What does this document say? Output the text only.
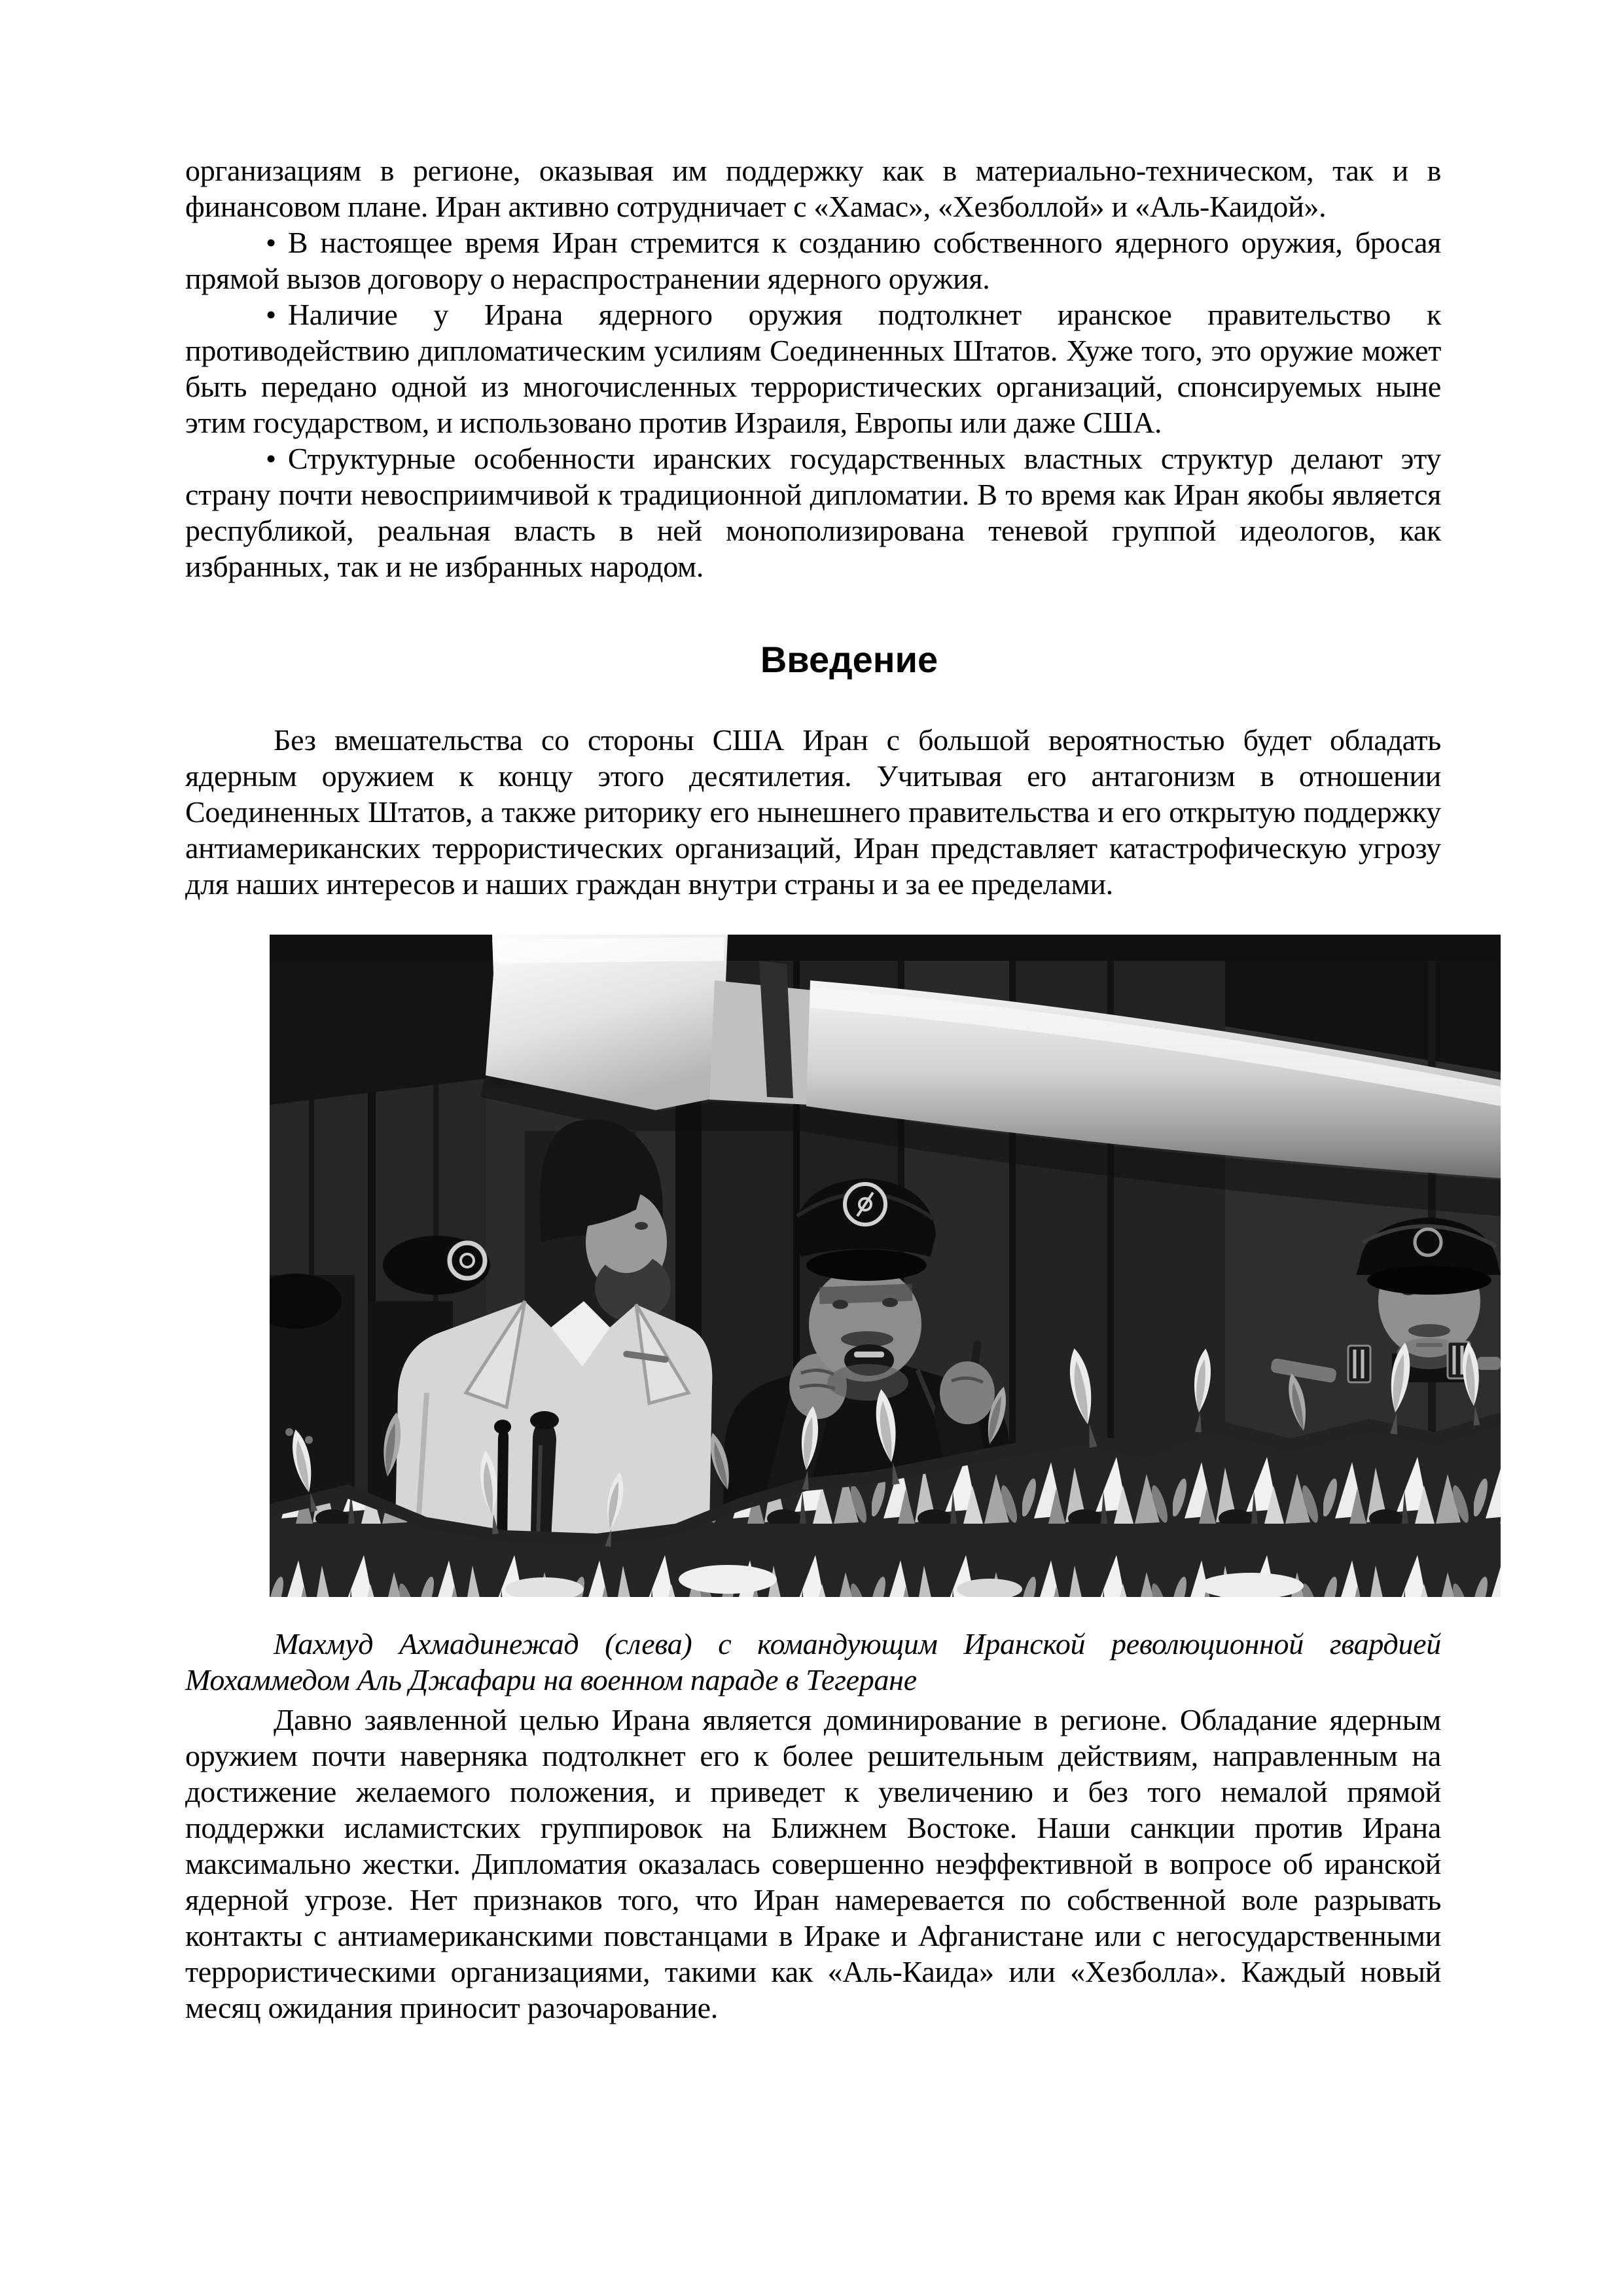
организациям в регионе, оказывая им поддержку как в материально-техническом, так и в финансовом плане. Иран активно сотрудничает с «Хамас», «Хезболлой» и «Аль-Каидой».

• В настоящее время Иран стремится к созданию собственного ядерного оружия, бросая прямой вызов договору о нераспространении ядерного оружия.

• Наличие у Ирана ядерного оружия подтолкнет иранское правительство к противодействию дипломатическим усилиям Соединенных Штатов. Хуже того, это оружие может быть передано одной из многочисленных террористических организаций, спонсируемых ныне этим государством, и использовано против Израиля, Европы или даже США.

• Структурные особенности иранских государственных властных структур делают эту страну почти невосприимчивой к традиционной дипломатии. В то время как Иран якобы является республикой, реальная власть в ней монополизирована теневой группой идеологов, как избранных, так и не избранных народом.

Введение

Без вмешательства со стороны США Иран с большой вероятностью будет обладать ядерным оружием к концу этого десятилетия. Учитывая его антагонизм в отношении Соединенных Штатов, а также риторику его нынешнего правительства и его открытую поддержку антиамериканских террористических организаций, Иран представляет катастрофическую угрозу для наших интересов и наших граждан внутри страны и за ее пределами.

Махмуд Ахмадинежад (слева) с командующим Иранской революционной гвардией Мохаммедом Аль Джафари на военном параде в Тегеране

Давно заявленной целью Ирана является доминирование в регионе. Обладание ядерным оружием почти наверняка подтолкнет его к более решительным действиям, направленным на достижение желаемого положения, и приведет к увеличению и без того немалой прямой поддержки исламистских группировок на Ближнем Востоке. Наши санкции против Ирана максимально жестки. Дипломатия оказалась совершенно неэффективной в вопросе об иранской ядерной угрозе. Нет признаков того, что Иран намеревается по собственной воле разрывать контакты с антиамериканскими повстанцами в Ираке и Афганистане или с негосударственными террористическими организациями, такими как «Аль-Каида» или «Хезболла». Каждый новый месяц ожидания приносит разочарование.
